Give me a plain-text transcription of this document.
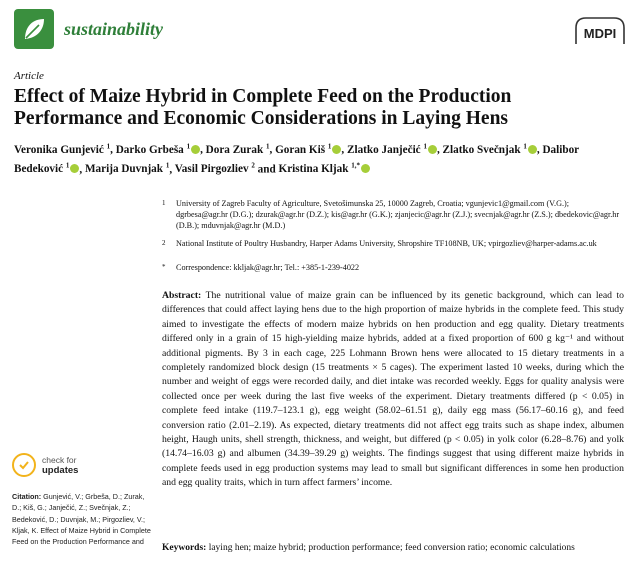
sustainability	MDPI
Article
Effect of Maize Hybrid in Complete Feed on the Production Performance and Economic Considerations in Laying Hens
Veronika Gunjević $^1$, Darko Grbeša $^1$ , Dora Zurak $^1$, Goran Kiš $^1$ , Zlatko Janječić $^1$ , Zlatko Svečnjak $^1$ , Dalibor Bedeković $^1$ , Marija Duvnjak $^1$, Vasil Pirgozliev $^2$ and Kristina Kljak $^{1,*}$
1 University of Zagreb Faculty of Agriculture, Svetošimunska 25, 10000 Zagreb, Croatia; vgunjevic1@gmail.com (V.G.); dgrbesa@agr.hr (D.G.); dzurak@agr.hr (D.Z.); kis@agr.hr (G.K.); zjanjecic@agr.hr (Z.J.); svecnjak@agr.hr (Z.S.); dbedekovic@agr.hr (D.B.); mduvnjak@agr.hr (M.D.)
2 National Institute of Poultry Husbandry, Harper Adams University, Shropshire TF108NB, UK; vpirgozliev@harper-adams.ac.uk
* Correspondence: kkljak@agr.hr; Tel.: +385-1-239-4022
Abstract: The nutritional value of maize grain can be influenced by its genetic background, which can lead to differences that could affect laying hens due to the high proportion of maize hybrids in the complete feed. This study aimed to investigate the effects of modern maize hybrids on hen production and egg quality. Dietary treatments differed only in a grain of 15 high-yielding maize hybrids, added at a fixed proportion of 600 g kg⁻¹ and without additional pigments. By 3 in each cage, 225 Lohmann Brown hens were allocated to 15 dietary treatments in a completely randomized block design (15 treatments × 5 cages). The experiment lasted 10 weeks, during which the number and weight of eggs were recorded daily, and diet intake was recorded weekly. Eggs for quality analysis were collected once per week during the last five weeks of the experiment. Dietary treatments differed (p < 0.05) in complete feed intake (119.7–123.1 g), egg weight (58.02–61.51 g), daily egg mass (56.17–60.16 g), and feed conversion ratio (2.01–2.19). As expected, dietary treatments did not affect egg traits such as shape index, albumen height, Haugh units, shell strength, thickness, and weight, but differed (p < 0.05) in yolk color (6.28–8.76) and yolk (14.74–16.03 g) and albumen (34.39–39.29 g) weights. The findings suggest that using different maize hybrids in complete feeds used in egg production systems may lead to small but significant differences in some hen production and egg quality traits, which in turn affect farmers’ income.
Keywords: laying hen; maize hybrid; production performance; feed conversion ratio; economic calculations
check for
updates
Citation: Gunjević, V.; Grbeša, D.; Zurak, D.; Kiš, G.; Janječić, Z.; Svečnjak, Z.; Bedeković, D.; Duvnjak, M.; Pirgozliev, V.; Kljak, K. Effect of Maize Hybrid in Complete Feed on the Production Performance and
